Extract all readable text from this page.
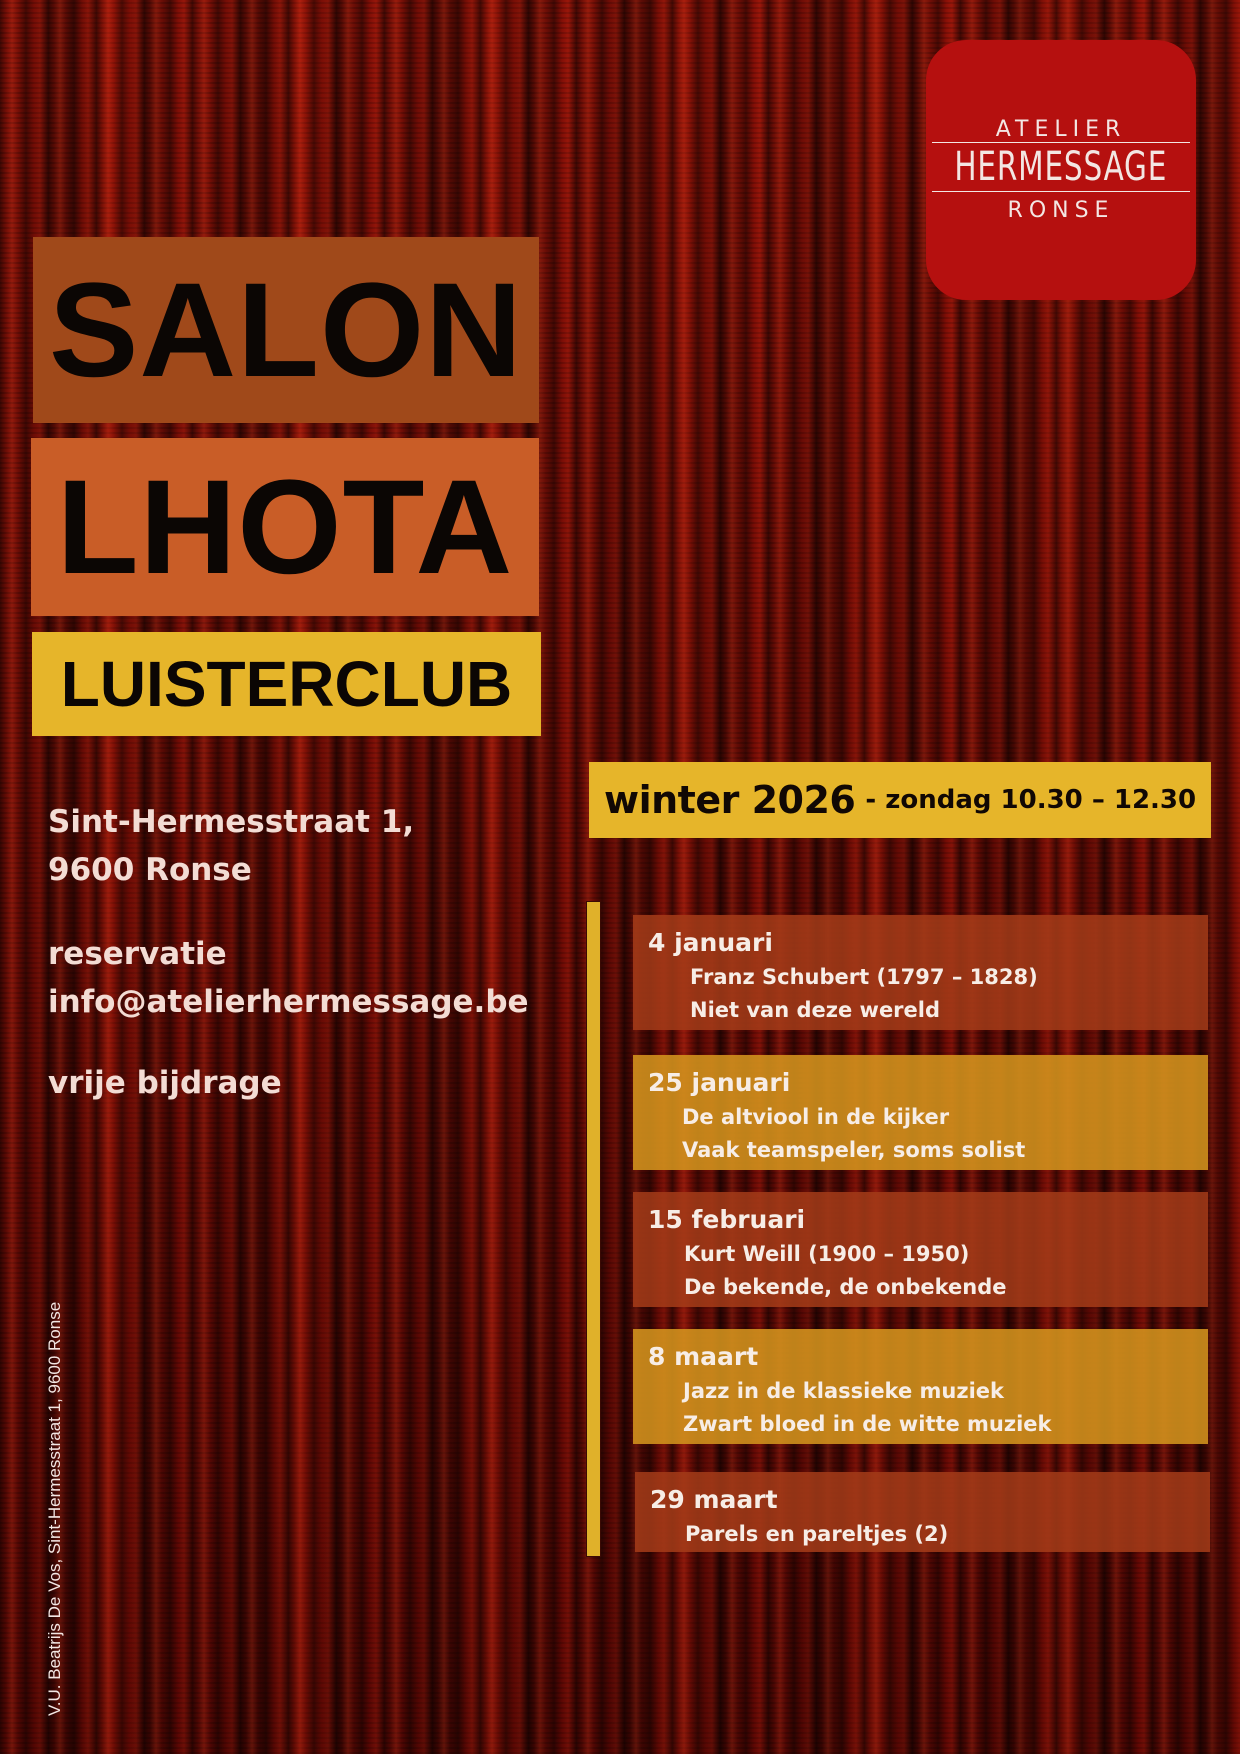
ATELIER
HERMESSAGE
RONSE
SALON
LHOTA
LUISTERCLUB
Sint-Hermesstraat 1,
9600 Ronse
reservatie
info@atelierhermessage.be
vrije bijdrage
winter 2026 - zondag 10.30 – 12.30
4 januari
Franz Schubert (1797 – 1828)
Niet van deze wereld
25 januari
De altviool in de kijker
Vaak teamspeler, soms solist
15 februari
Kurt Weill (1900 – 1950)
De bekende, de onbekende
8 maart
Jazz in de klassieke muziek
Zwart bloed in de witte muziek
29 maart
Parels en pareltjes (2)
V.U. Beatrijs De Vos, Sint-Hermesstraat 1, 9600 Ronse
